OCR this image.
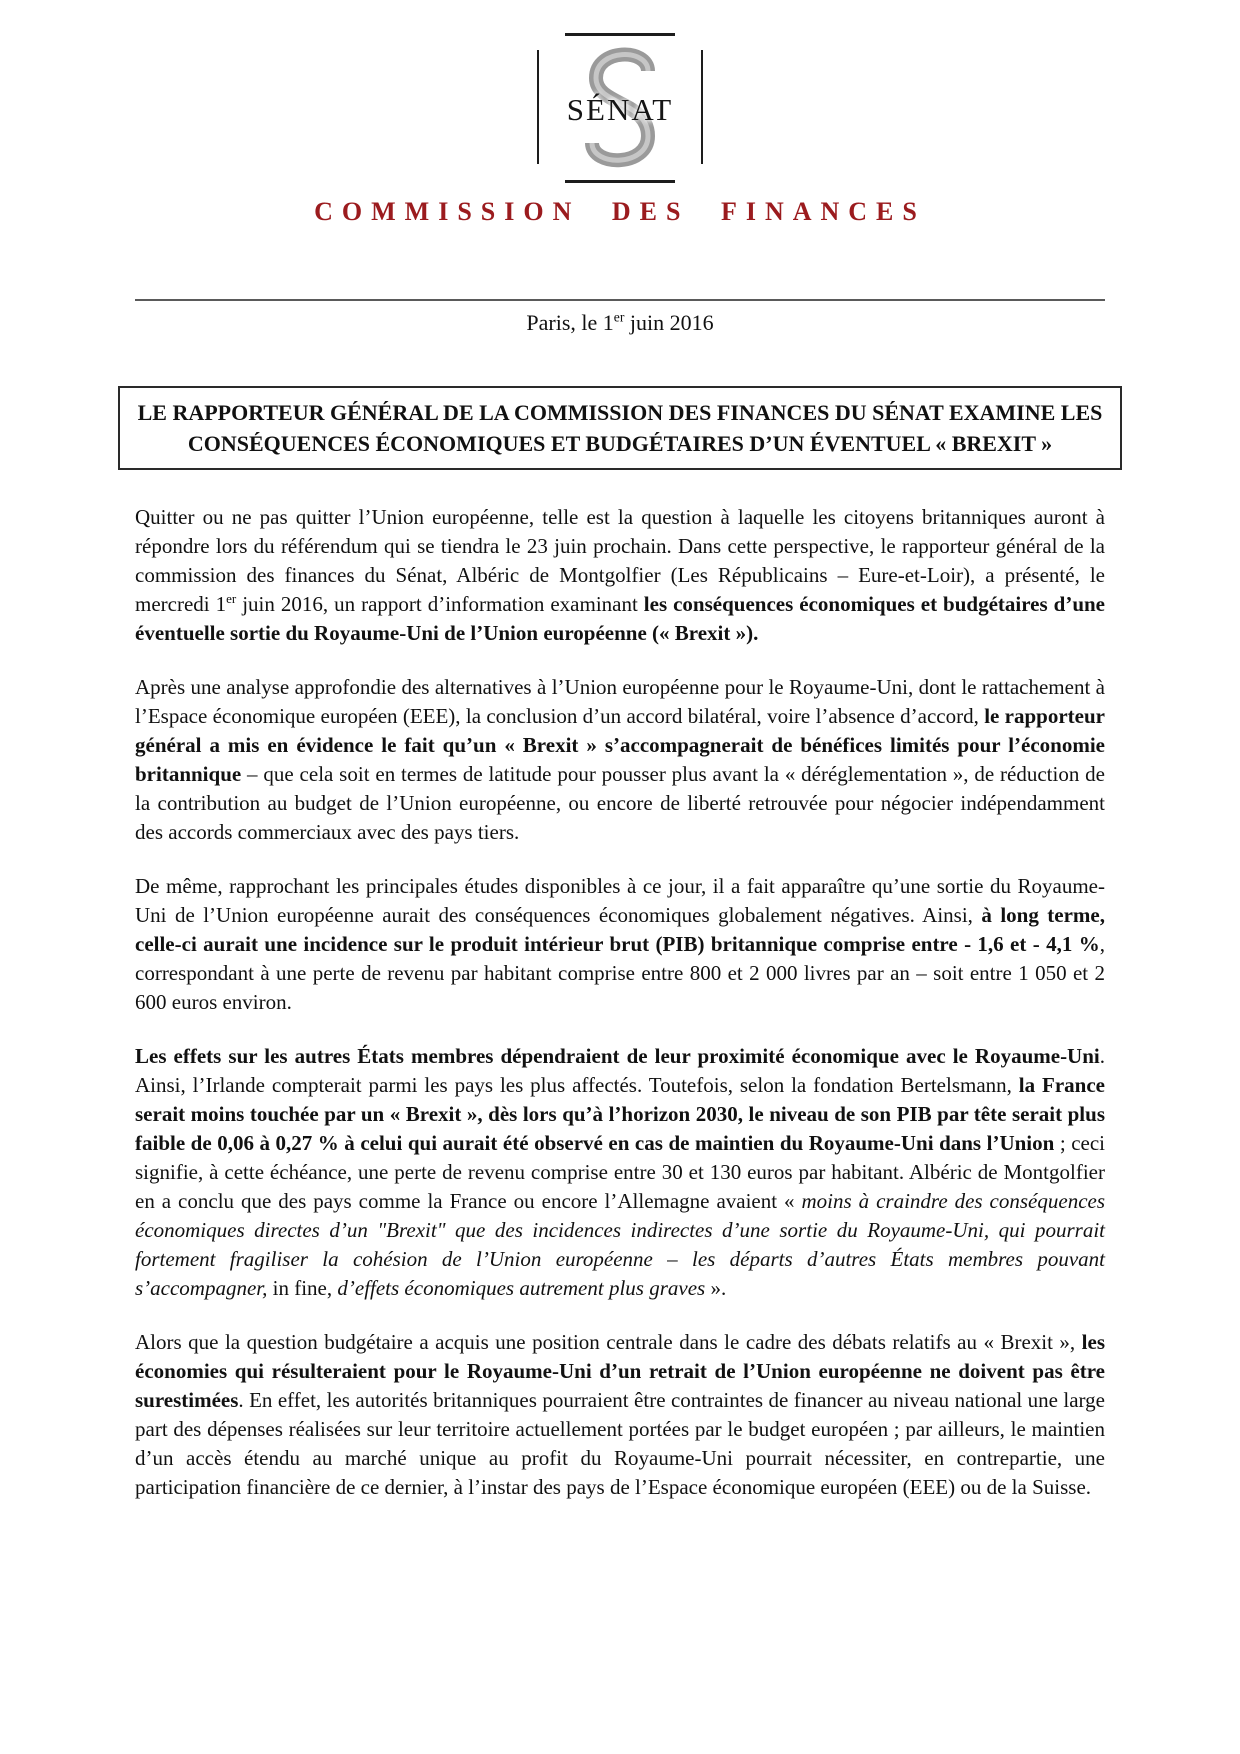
SÉNAT
COMMISSION DES FINANCES
Paris, le 1er juin 2016
LE RAPPORTEUR GÉNÉRAL DE LA COMMISSION DES FINANCES DU SÉNAT EXAMINE LES
CONSÉQUENCES ÉCONOMIQUES ET BUDGÉTAIRES D’UN ÉVENTUEL « BREXIT »

Quitter ou ne pas quitter l’Union européenne, telle est la question à laquelle les citoyens britanniques auront à répondre lors du référendum qui se tiendra le 23 juin prochain. Dans cette perspective, le rapporteur général de la commission des finances du Sénat, Albéric de Montgolfier (Les Républicains – Eure-et-Loir), a présenté, le mercredi 1er juin 2016, un rapport d’information examinant les conséquences économiques et budgétaires d’une éventuelle sortie du Royaume-Uni de l’Union européenne (« Brexit »).

Après une analyse approfondie des alternatives à l’Union européenne pour le Royaume-Uni, dont le rattachement à l’Espace économique européen (EEE), la conclusion d’un accord bilatéral, voire l’absence d’accord, le rapporteur général a mis en évidence le fait qu’un « Brexit » s’accompagnerait de bénéfices limités pour l’économie britannique – que cela soit en termes de latitude pour pousser plus avant la « déréglementation », de réduction de la contribution au budget de l’Union européenne, ou encore de liberté retrouvée pour négocier indépendamment des accords commerciaux avec des pays tiers.

De même, rapprochant les principales études disponibles à ce jour, il a fait apparaître qu’une sortie du Royaume-Uni de l’Union européenne aurait des conséquences économiques globalement négatives. Ainsi, à long terme, celle-ci aurait une incidence sur le produit intérieur brut (PIB) britannique comprise entre - 1,6 et - 4,1 %, correspondant à une perte de revenu par habitant comprise entre 800 et 2 000 livres par an – soit entre 1 050 et 2 600 euros environ.

Les effets sur les autres États membres dépendraient de leur proximité économique avec le Royaume-Uni. Ainsi, l’Irlande compterait parmi les pays les plus affectés. Toutefois, selon la fondation Bertelsmann, la France serait moins touchée par un « Brexit », dès lors qu’à l’horizon 2030, le niveau de son PIB par tête serait plus faible de 0,06 à 0,27 % à celui qui aurait été observé en cas de maintien du Royaume-Uni dans l’Union ; ceci signifie, à cette échéance, une perte de revenu comprise entre 30 et 130 euros par habitant. Albéric de Montgolfier en a conclu que des pays comme la France ou encore l’Allemagne avaient « moins à craindre des conséquences économiques directes d’un "Brexit" que des incidences indirectes d’une sortie du Royaume-Uni, qui pourrait fortement fragiliser la cohésion de l’Union européenne – les départs d’autres États membres pouvant s’accompagner, in fine, d’effets économiques autrement plus graves ».

Alors que la question budgétaire a acquis une position centrale dans le cadre des débats relatifs au « Brexit », les économies qui résulteraient pour le Royaume-Uni d’un retrait de l’Union européenne ne doivent pas être surestimées. En effet, les autorités britanniques pourraient être contraintes de financer au niveau national une large part des dépenses réalisées sur leur territoire actuellement portées par le budget européen ; par ailleurs, le maintien d’un accès étendu au marché unique au profit du Royaume-Uni pourrait nécessiter, en contrepartie, une participation financière de ce dernier, à l’instar des pays de l’Espace économique européen (EEE) ou de la Suisse.
